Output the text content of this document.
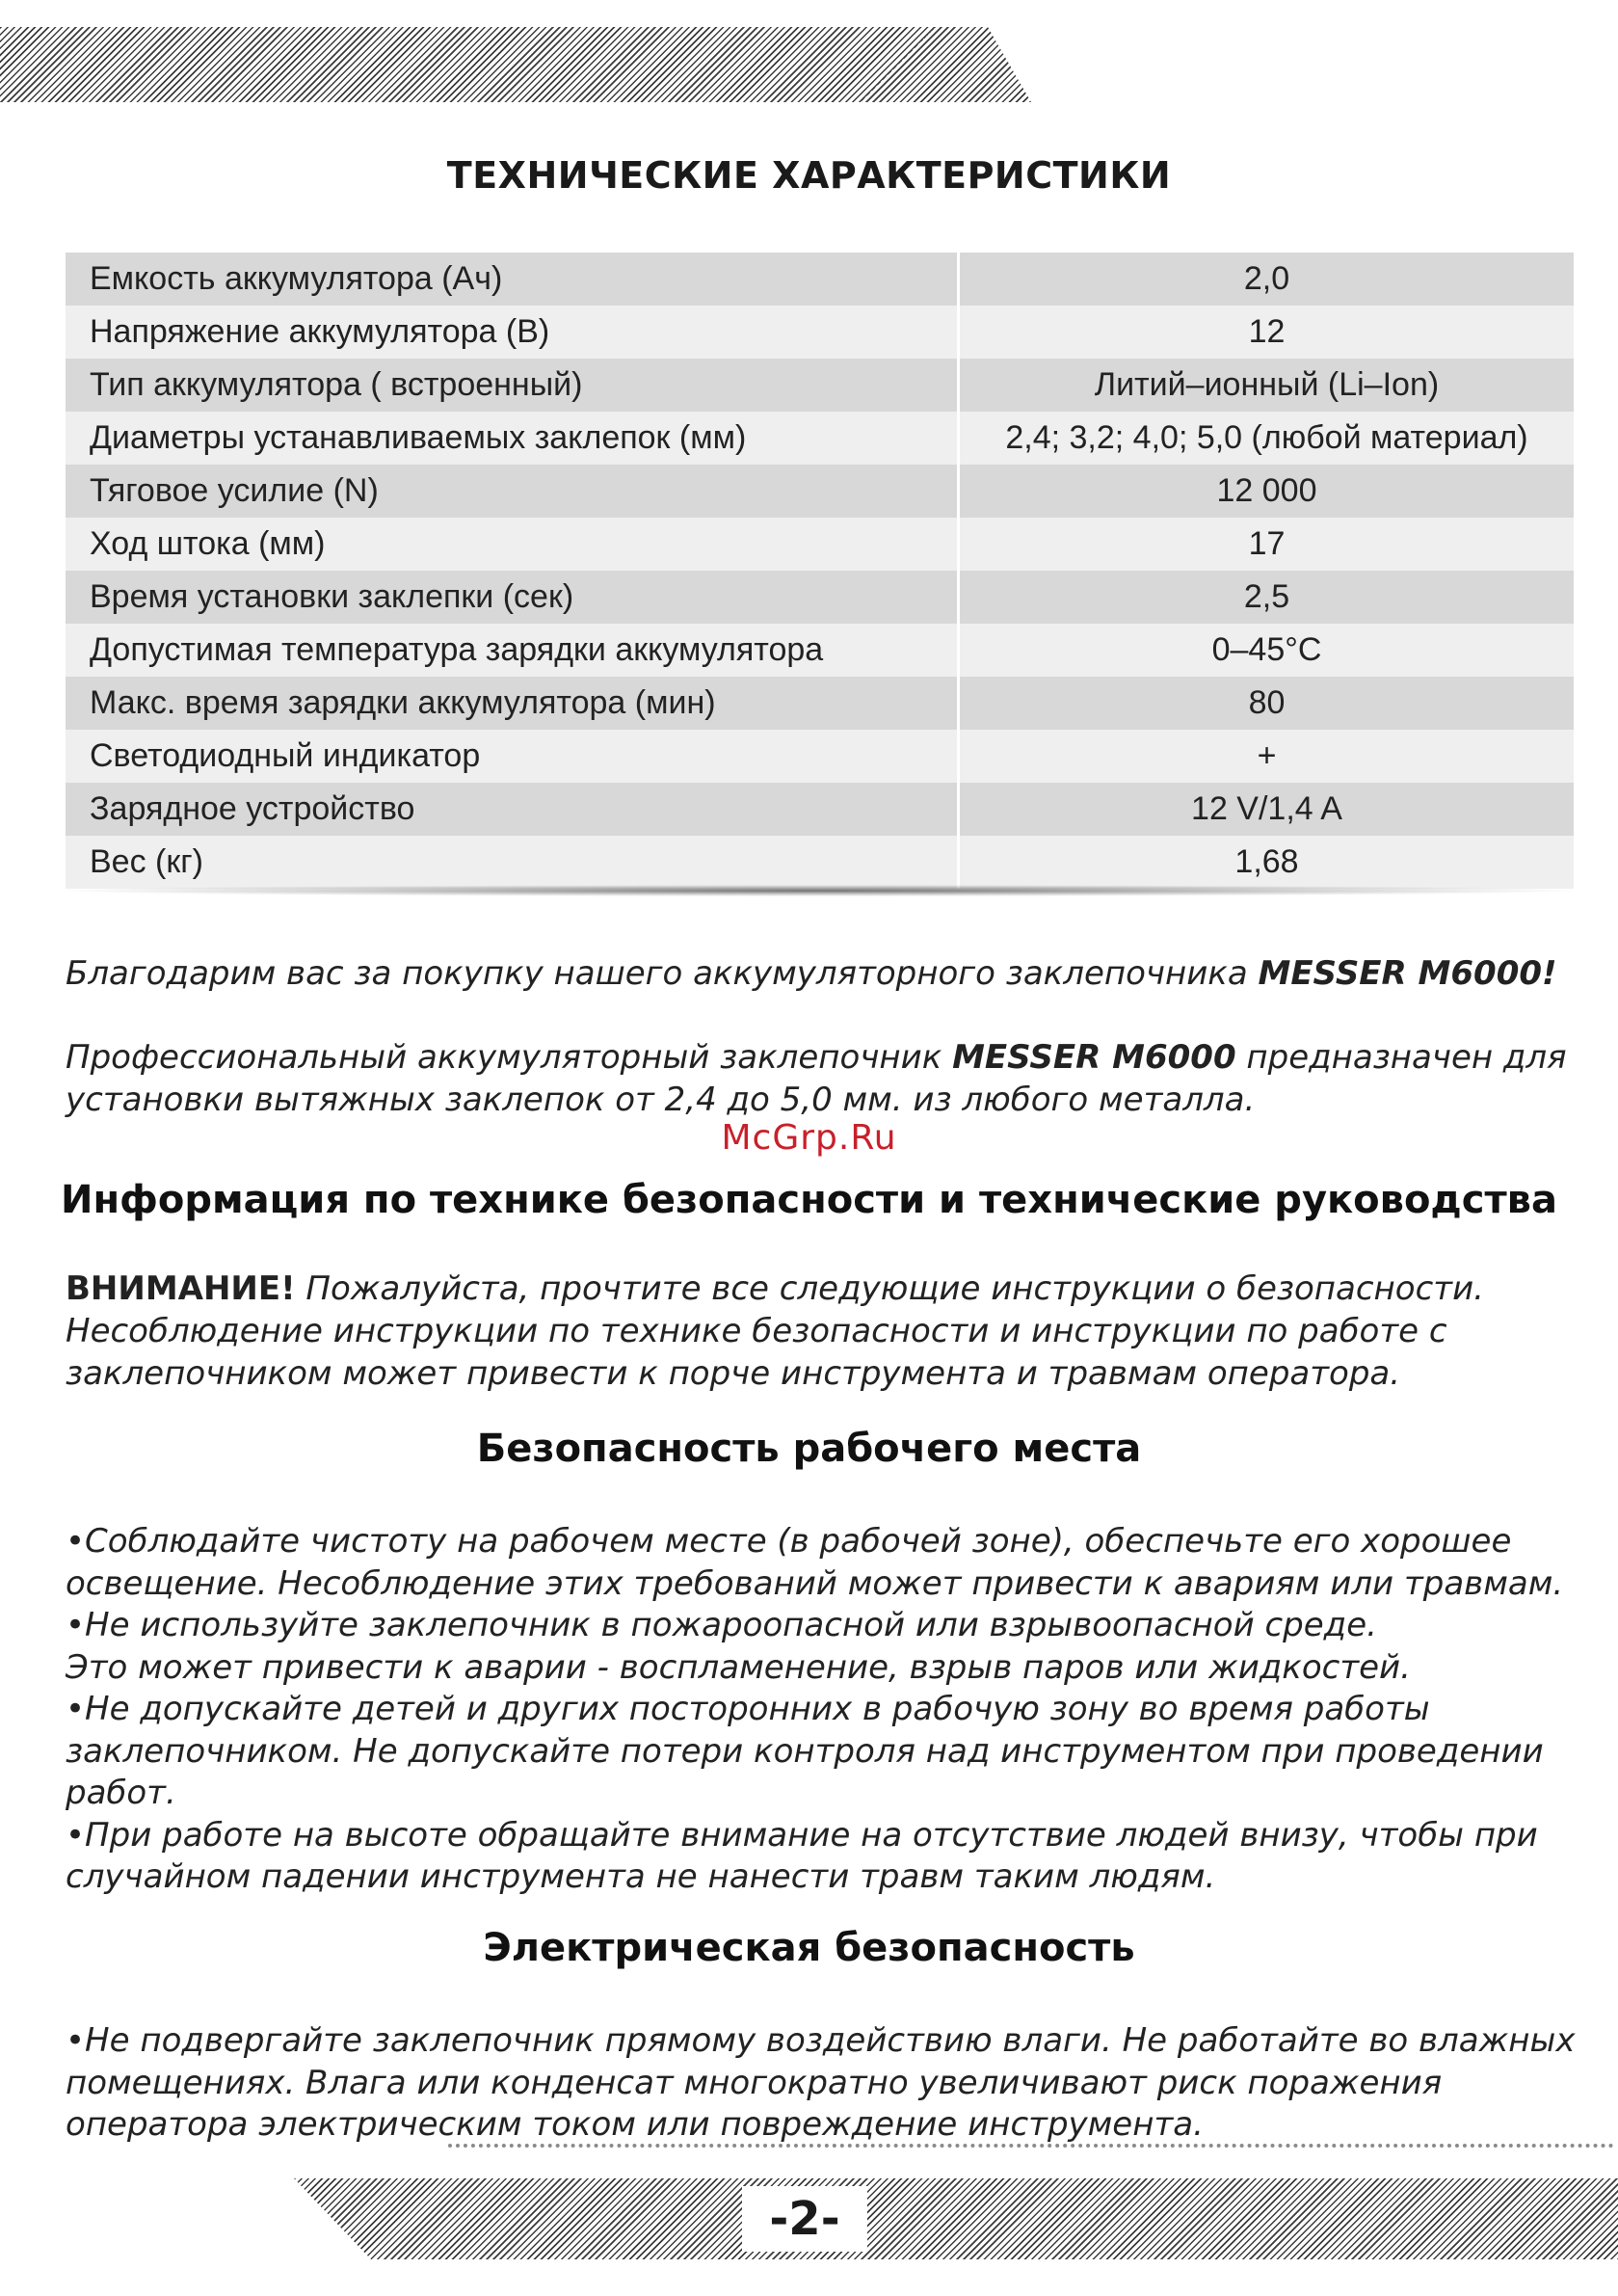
ТЕХНИЧЕСКИЕ ХАРАКТЕРИСТИКИ
Емкость аккумулятора (Ач)	2,0
Напряжение аккумулятора (В)	12
Тип аккумулятора ( встроенный)	Литий–ионный (Li–Ion)
Диаметры устанавливаемых заклепок (мм)	2,4; 3,2; 4,0; 5,0 (любой материал)
Тяговое усилие (N)	12 000
Ход штока (мм)	17
Время установки заклепки (сек)	2,5
Допустимая температура зарядки аккумулятора	0–45°C
Макс. время зарядки аккумулятора (мин)	80
Светодиодный индикатор	+
Зарядное устройство	12 V/1,4 A
Вес (кг)	1,68
Благодарим вас за покупку нашего аккумуляторного заклепочника MESSER M6000!
Профессиональный аккумуляторный заклепочник MESSER M6000 предназначен для установки вытяжных заклепок от 2,4 до 5,0 мм. из любого металла.
McGrp.Ru
Информация по технике безопасности и технические руководства
ВНИМАНИЕ! Пожалуйста, прочтите все следующие инструкции о безопасности. Несоблюдение инструкции по технике безопасности и инструкции по работе с заклепочником может привести к порче инструмента и травмам оператора.
Безопасность рабочего места

•Соблюдайте чистоту на рабочем месте (в рабочей зоне), обеспечьте его хорошее освещение. Несоблюдение этих требований может привести к авариям или травмам.

•Не используйте заклепочник в пожароопасной или взрывоопасной среде.

Это может привести к аварии - воспламенение, взрыв паров или жидкостей.

•Не допускайте детей и других посторонних в рабочую зону во время работы заклепочником. Не допускайте потери контроля над инструментом при проведении работ.

•При работе на высоте обращайте внимание на отсутствие людей внизу, чтобы при случайном падении инструмента не нанести травм таким людям.

Электрическая безопасность

•Не подвергайте заклепочник прямому воздействию влаги. Не работайте во влажных помещениях. Влага или конденсат многократно увеличивают риск поражения оператора электрическим током или повреждение инструмента.

-2-
